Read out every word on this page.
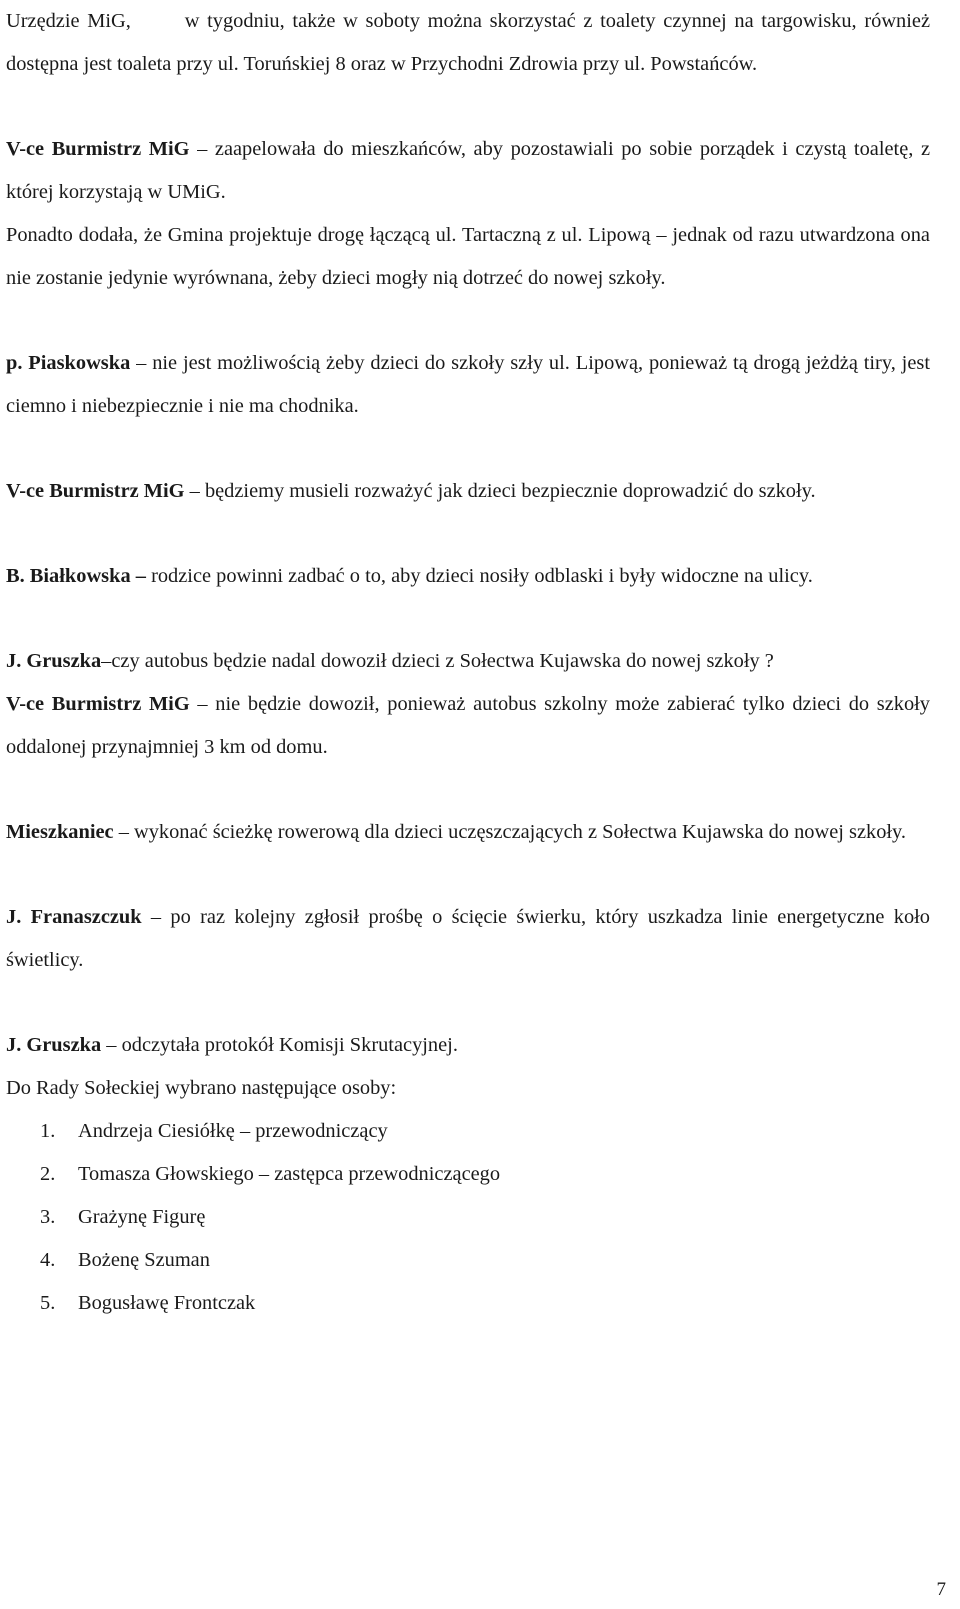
Urzędzie MiG,	w tygodniu, także w soboty można skorzystać z toalety czynnej na targowisku, również dostępna jest toaleta przy ul. Toruńskiej 8 oraz w Przychodni Zdrowia przy ul. Powstańców.

V-ce Burmistrz MiG – zaapelowała do mieszkańców, aby pozostawiali po sobie porządek i czystą toaletę, z której korzystają w UMiG.

Ponadto dodała, że Gmina projektuje drogę łączącą ul. Tartaczną z ul. Lipową – jednak od razu utwardzona ona nie zostanie jedynie wyrównana, żeby dzieci mogły nią dotrzeć do nowej szkoły.

p. Piaskowska – nie jest możliwością żeby dzieci do szkoły szły ul. Lipową, ponieważ tą drogą jeżdżą tiry, jest ciemno i niebezpiecznie i nie ma chodnika.

V-ce Burmistrz MiG – będziemy musieli rozważyć jak dzieci bezpiecznie doprowadzić do szkoły.

B. Białkowska – rodzice powinni zadbać o to, aby dzieci nosiły odblaski i były widoczne na ulicy.

J. Gruszka–czy autobus będzie nadal dowoził dzieci z Sołectwa Kujawska do nowej szkoły ?

V-ce Burmistrz MiG – nie będzie dowoził, ponieważ autobus szkolny może zabierać tylko dzieci do szkoły oddalonej przynajmniej 3 km od domu.

Mieszkaniec – wykonać ścieżkę rowerową dla dzieci uczęszczających z Sołectwa Kujawska do nowej szkoły.

J. Franaszczuk – po raz kolejny zgłosił prośbę o ścięcie świerku, który uszkadza linie energetyczne koło świetlicy.

J. Gruszka – odczytała protokół Komisji Skrutacyjnej.

Do Rady Sołeckiej wybrano następujące osoby:

1.	Andrzeja Ciesiółkę – przewodniczący
2.	Tomasza Głowskiego – zastępca przewodniczącego
3.	Grażynę Figurę
4.	Bożenę Szuman
5.	Bogusławę Frontczak
7
